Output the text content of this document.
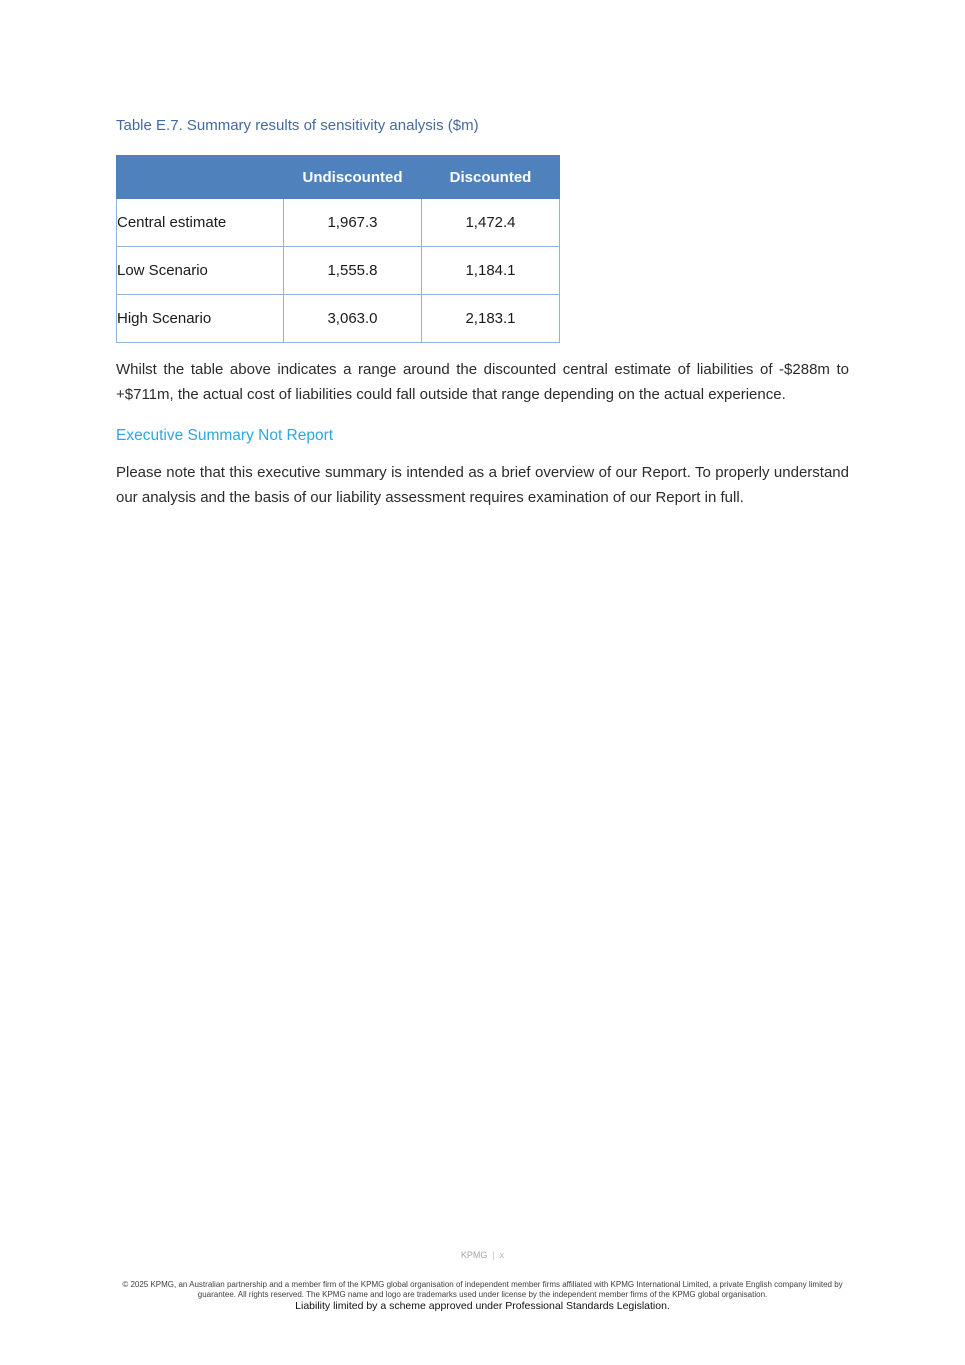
Table E.7. Summary results of sensitivity analysis ($m)
	Undiscounted	Discounted
Central estimate	1,967.3	1,472.4
Low Scenario	1,555.8	1,184.1
High Scenario	3,063.0	2,183.1
Whilst the table above indicates a range around the discounted central estimate of liabilities of -$288m to +$711m, the actual cost of liabilities could fall outside that range depending on the actual experience.
Executive Summary Not Report
Please note that this executive summary is intended as a brief overview of our Report. To properly understand our analysis and the basis of our liability assessment requires examination of our Report in full.
KPMG | x
© 2025 KPMG, an Australian partnership and a member firm of the KPMG global organisation of independent member firms affiliated with KPMG International Limited, a private English company limited by guarantee. All rights reserved. The KPMG name and logo are trademarks used under license by the independent member firms of the KPMG global organisation.
Liability limited by a scheme approved under Professional Standards Legislation.
